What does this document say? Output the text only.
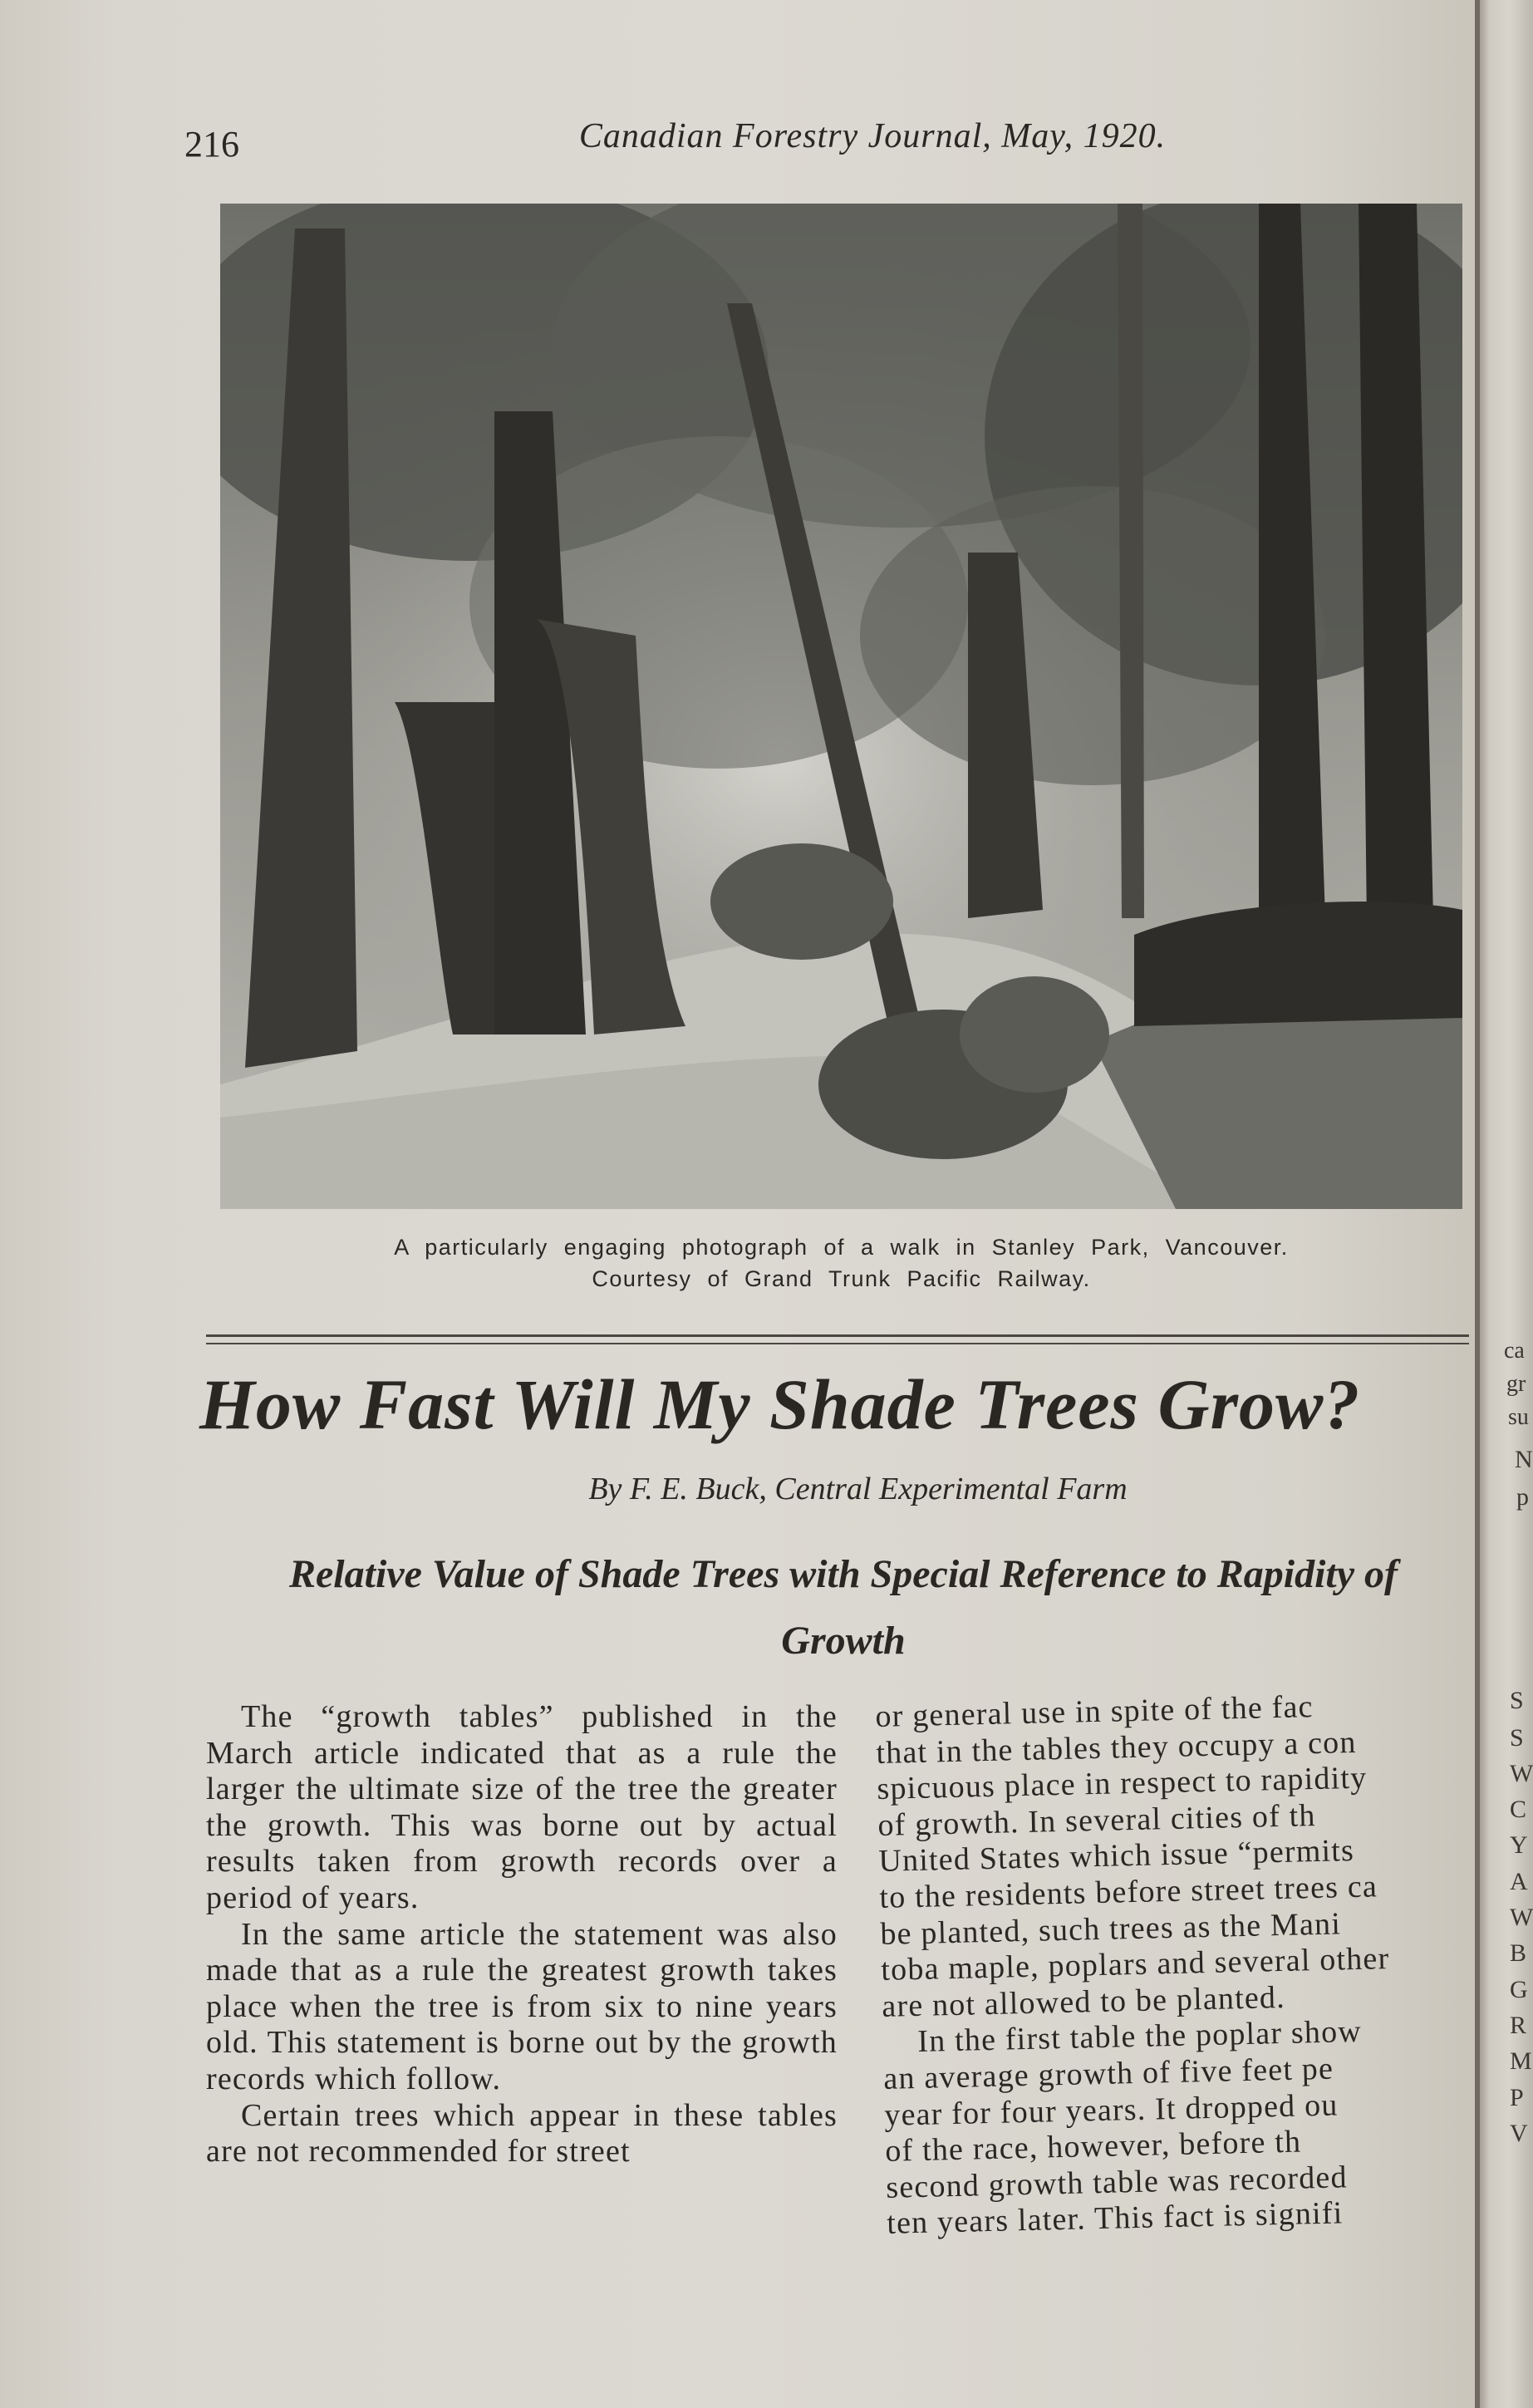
216	Canadian Forestry Journal, May, 1920.
A particularly engaging photograph of a walk in Stanley Park, Vancouver.
Courtesy of Grand Trunk Pacific Railway.
How Fast Will My Shade Trees Grow?
By F. E. Buck, Central Experimental Farm
Relative Value of Shade Trees with Special Reference to Rapidity of Growth

The “growth tables” published in the March article indicated that as a rule the larger the ultimate size of the tree the greater the growth. This was borne out by actual results taken from growth records over a period of years.

In the same article the statement was also made that as a rule the greatest growth takes place when the tree is from six to nine years old. This statement is borne out by the growth records which follow.

Certain trees which appear in these tables are not recommended for street

or general use in spite of the fac
that in the tables they occupy a con
spicuous place in respect to rapidity
of growth. In several cities of th
United States which issue “permits
to the residents before street trees ca
be planted, such trees as the Mani
toba maple, poplars and several other
are not allowed to be planted.
In the first table the poplar show
an average growth of five feet pe
year for four years. It dropped ou
of the race, however, before th
second growth table was recorded
ten years later. This fact is signifi
ca
gr
su
N
p
S
S
W
C
Y
A
W
B
G
R
M
P
V
